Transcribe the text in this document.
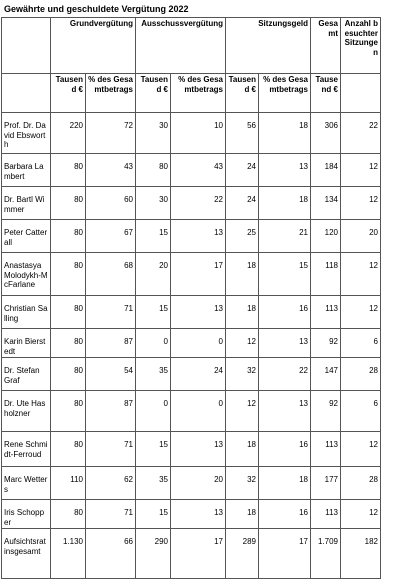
Gewährte und geschuldete Vergütung 2022
	Grundvergütung		Ausschussvergütung		Sitzungsgeld		Gesamt	Anzahl besuchter Sitzungen
	Tausend €	% des Gesamtbetrags	Tausend €	% des Gesamtbetrags	Tausend €	% des Gesamtbetrags	Tausend €	
Prof. Dr. David Ebsworth	220	72	30	10	56	18	306	22
Barbara Lambert	80	43	80	43	24	13	184	12
Dr. Bartl Wimmer	80	60	30	22	24	18	134	12
Peter Catterall	80	67	15	13	25	21	120	20
Anastasya Molodykh-McFarlane	80	68	20	17	18	15	118	12
Christian Salling	80	71	15	13	18	16	113	12
Karin Bierstedt	80	87	0	0	12	13	92	6
Dr. Stefan Graf	80	54	35	24	32	22	147	28
Dr. Ute Hasholzner	80	87	0	0	12	13	92	6
Rene Schmidt-Ferroud	80	71	15	13	18	16	113	12
Marc Wetters	110	62	35	20	32	18	177	28
Iris Schopper	80	71	15	13	18	16	113	12
Aufsichtsrat insgesamt	1.130	66	290	17	289	17	1.709	182
